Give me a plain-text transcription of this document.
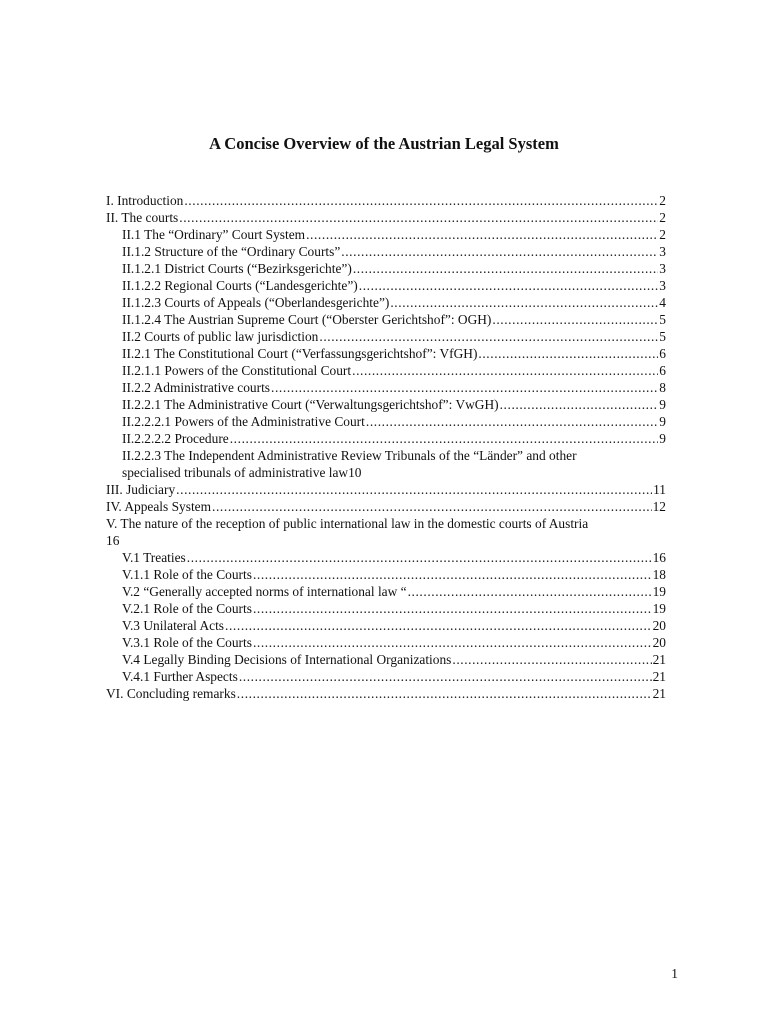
A Concise Overview of the Austrian Legal System
I. Introduction .....	2
II. The courts .....	2
II.1 The “Ordinary” Court System .....	2
II.1.2 Structure of the “Ordinary Courts” .....	3
II.1.2.1 District Courts (“Bezirksgerichte”) .....	3
II.1.2.2 Regional Courts (“Landesgerichte”) .....	3
II.1.2.3 Courts of Appeals (“Oberlandesgerichte”) .....	4
II.1.2.4 The Austrian Supreme Court (“Oberster Gerichtshof”: OGH) .....	5
II.2 Courts of public law jurisdiction .....	5
II.2.1 The Constitutional Court (“Verfassungsgerichtshof”: VfGH) .....	6
II.2.1.1 Powers of the Constitutional Court .....	6
II.2.2 Administrative courts .....	8
II.2.2.1 The Administrative Court (“Verwaltungsgerichtshof”: VwGH) .....	9
II.2.2.2.1 Powers of the Administrative Court .....	9
II.2.2.2.2 Procedure .....	9
II.2.2.3 The Independent Administrative Review Tribunals of the “Länder” and other
specialised tribunals of administrative law 10
III. Judiciary .....	11
IV. Appeals System .....	12
V. The nature of the reception of public international law in the domestic courts of Austria
16
V.1 Treaties .....	16
V.1.1 Role of the Courts .....	18
V.2 “Generally accepted norms of international law “ .....	19
V.2.1 Role of the Courts .....	19
V.3 Unilateral Acts .....	20
V.3.1 Role of the Courts .....	20
V.4 Legally Binding Decisions of International Organizations .....	21
V.4.1 Further Aspects .....	21
VI. Concluding remarks .....	21
1
